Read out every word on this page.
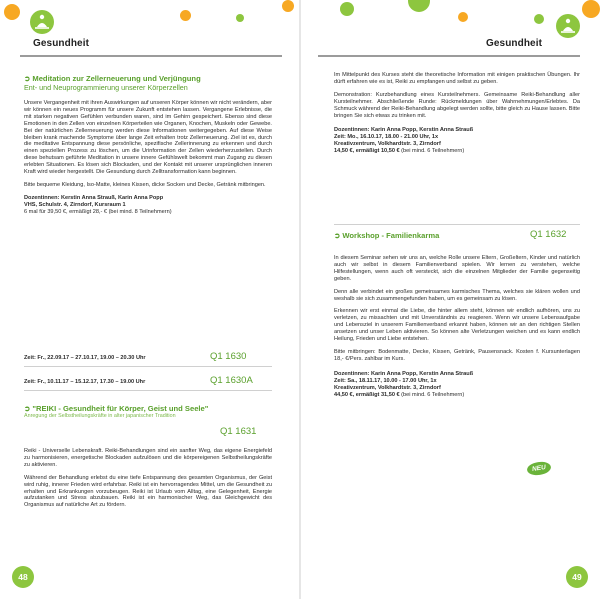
Gesundheit	Gesundheit
➲ Meditation zur Zellerneuerung und Verjüngung
Ent- und Neuprogrammierung unserer Körperzellen

Unsere Vergangenheit mit ihren Auswirkungen auf unseren Körper können wir nicht verändern, aber wir können ein neues Programm für unsere Zukunft entstehen lassen. Vergangene Erlebnisse, die mit starken negativen Gefühlen verbunden waren, sind im Gehirn gespeichert. Ebenso sind diese Emotionen in den Zellen von einzelnen Körperteilen wie Organen, Knochen, Muskeln oder Gewebe. Bei der natürlichen Zellerneuerung werden diese Informationen weitergegeben. Auf diese Weise bleiben krank machende Symptome über lange Zeit erhalten trotz Zellerneuerung. Ziel ist es, durch die meditative Entspannung diese persönliche, spezifische Zellerinnerung zu erkennen und durch einen speziellen Prozess zu löschen, um die Urinformation der Zellen wiederherzustellen. Durch diese behutsam geführte Meditation in unsere innere Gefühlswelt bekommt man Zugang zu diesen erlebten Situationen. Es lösen sich Blockaden, und der Kontakt mit unserer ursprünglichen inneren Kraft wird wieder hergestellt. Die Gesundung durch Zelltransformation kann beginnen.

Bitte bequeme Kleidung, Iso-Matte, kleines Kissen, dicke Socken und Decke, Getränk mitbringen.

Dozentinnen: Kerstin Anna Strauß, Karin Anna Popp
VHS, Schulstr. 4, Zirndorf, Kursraum 1
6 mal für 39,50 €, ermäßigt 28,- € (bei mind. 8 Teilnehmern)
Zeit: Fr., 22.09.17 – 27.10.17, 19.00 – 20.30 Uhr	Q1 1630
Zeit: Fr., 10.11.17 – 15.12.17, 17.30 – 19.00 Uhr	Q1 1630A
➲ "REIKI - Gesundheit für Körper, Geist und Seele"
Anregung der Selbstheilungskräfte in alter japanischer Tradition
Q1 1631

Reiki - Universelle Lebenskraft. Reiki-Behandlungen sind ein sanfter Weg, das eigene Energiefeld zu harmonisieren, energetische Blockaden aufzulösen und die körpereigenen Selbstheilungskräfte zu aktivieren.

Während der Behandlung erlebst du eine tiefe Entspannung des gesamten Organismus, der Geist wird ruhig, innerer Frieden wird erfahrbar. Reiki ist ein hervorragendes Mittel, um die Gesundheit zu erhalten und Erkrankungen vorzubeugen. Reiki ist Urlaub vom Alltag, eine Gelegenheit, Energie aufzutanken und Stress abzubauen. Reiki ist ein harmonischer Weg, das Gleichgewicht des Organismus auf natürliche Art zu fördern.

48

Im Mittelpunkt des Kurses steht die theoretische Information mit einigen praktischen Übungen. Ihr dürft erfahren wie es ist, Reiki zu empfangen und selbst zu geben.

Demonstration: Kurzbehandlung eines Kursteilnehmers. Gemeinsame Reiki-Behandlung aller Kursteilnehmer. Abschließende Runde: Rückmeldungen über Wahrnehmungen/Erlebtes. Da Schmuck während der Reiki-Behandlung abgelegt werden sollte, bitte gleich zu Hause lassen. Bitte bringen Sie sich etwas zu trinken mit.

Dozentinnen: Karin Anna Popp, Kerstin Anna Strauß
Zeit: Mo., 16.10.17, 18.00 - 21.00 Uhr, 1x
Kreativzentrum, Volkhardtstr. 3, Zirndorf
14,50 €, ermäßigt 10,50 € (bei mind. 6 Teilnehmern)
➲ Workshop - Familienkarma	Q1 1632

In diesem Seminar sehen wir uns an, welche Rolle unsere Eltern, Großeltern, Kinder und natürlich auch wir selbst in diesem Familienverband spielen. Wir lernen zu verstehen, welche Hilfestellungen, wenn auch oft versteckt, sich die einzelnen Mitglieder der Familie gegenseitig geben.

Denn alle verbindet ein großes gemeinsames karmisches Thema, welches sie klären wollen und weshalb sie sich zusammengefunden haben, um es gemeinsam zu lösen.

Erkennen wir erst einmal die Liebe, die hinter allem steht, können wir endlich aufhören, uns zu verletzen, zu missachten und mit Unverständnis zu reagieren. Wenn wir unsere Lebensaufgabe und Lebensziel in unserem Familienverband erkannt haben, können wir an den richtigen Stellen ansetzen und unser Leben aktivieren. So können alte Verletzungen weichen und es kann endlich Heilung, Frieden und Liebe entstehen.

Bitte mitbringen: Bodenmatte, Decke, Kissen, Getränk, Pausensnack. Kosten f. Kursunterlagen 18,- €/Pers. zahlbar im Kurs.

Dozentinnen: Karin Anna Popp, Kerstin Anna Strauß
Zeit: Sa., 18.11.17, 10.00 - 17.00 Uhr, 1x
Kreativzentrum, Volkhardtstr. 3, Zirndorf
44,50 €, ermäßigt 31,50 € (bei mind. 6 Teilnehmern)
NEU
49
